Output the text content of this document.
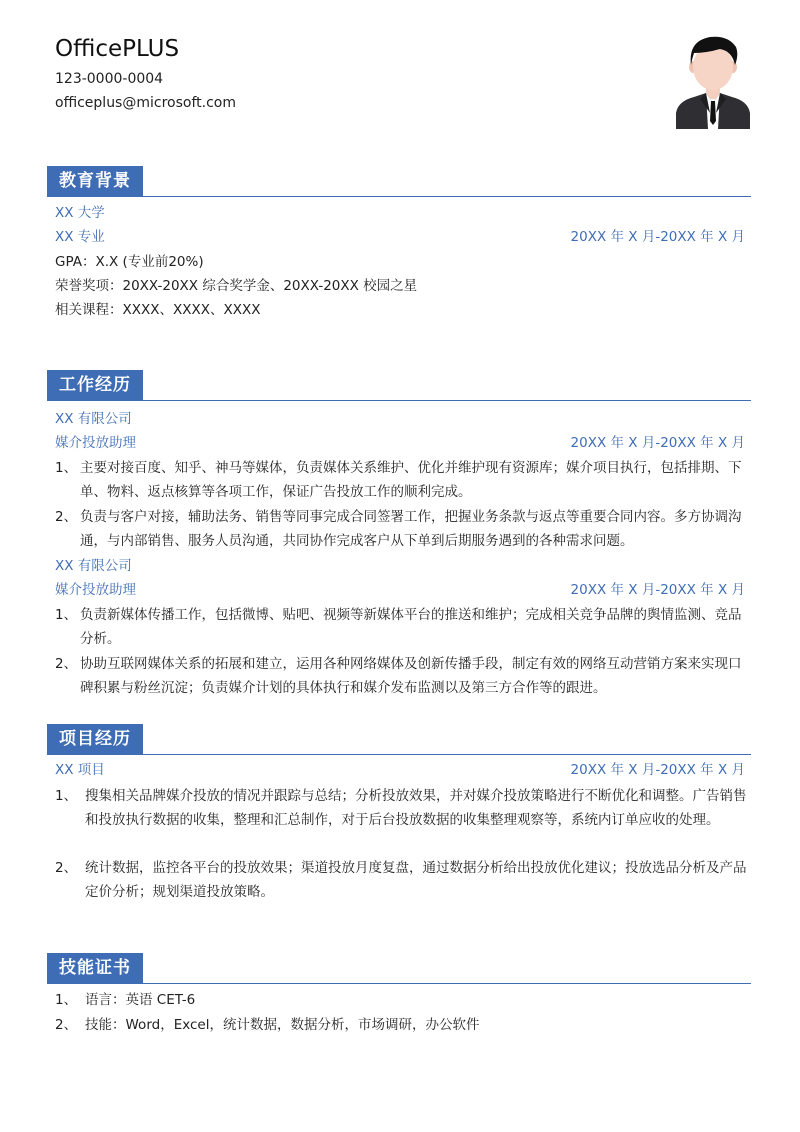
OfficePLUS
123-0000-0004
officeplus@microsoft.com
教育背景
XX 大学
XX 专业	20XX 年 X 月-20XX 年 X 月
GPA：X.X (专业前20%)
荣誉奖项：20XX-20XX 综合奖学金、20XX-20XX 校园之星
相关课程：XXXX、XXXX、XXXX
工作经历
XX 有限公司
媒介投放助理	20XX 年 X 月-20XX 年 X 月
1、 主要对接百度、知乎、神马等媒体，负责媒体关系维护、优化并维护现有资源库；媒介项目执行，包括排期、下单、物料、返点核算等各项工作，保证广告投放工作的顺利完成。
2、 负责与客户对接，辅助法务、销售等同事完成合同签署工作，把握业务条款与返点等重要合同内容。多方协调沟通，与内部销售、服务人员沟通，共同协作完成客户从下单到后期服务遇到的各种需求问题。
XX 有限公司
媒介投放助理	20XX 年 X 月-20XX 年 X 月
1、 负责新媒体传播工作，包括微博、贴吧、视频等新媒体平台的推送和维护；完成相关竞争品牌的舆情监测、竞品分析。
2、 协助互联网媒体关系的拓展和建立，运用各种网络媒体及创新传播手段，制定有效的网络互动营销方案来实现口碑积累与粉丝沉淀；负责媒介计划的具体执行和媒介发布监测以及第三方合作等的跟进。
项目经历
XX 项目	20XX 年 X 月-20XX 年 X 月
1、 搜集相关品牌媒介投放的情况并跟踪与总结；分析投放效果，并对媒介投放策略进行不断优化和调整。广告销售和投放执行数据的收集，整理和汇总制作，对于后台投放数据的收集整理观察等，系统内订单应收的处理。
2、 统计数据，监控各平台的投放效果；渠道投放月度复盘，通过数据分析给出投放优化建议；投放选品分析及产品定价分析；规划渠道投放策略。
技能证书
1、 语言：英语 CET-6
2、 技能：Word，Excel，统计数据，数据分析，市场调研，办公软件
